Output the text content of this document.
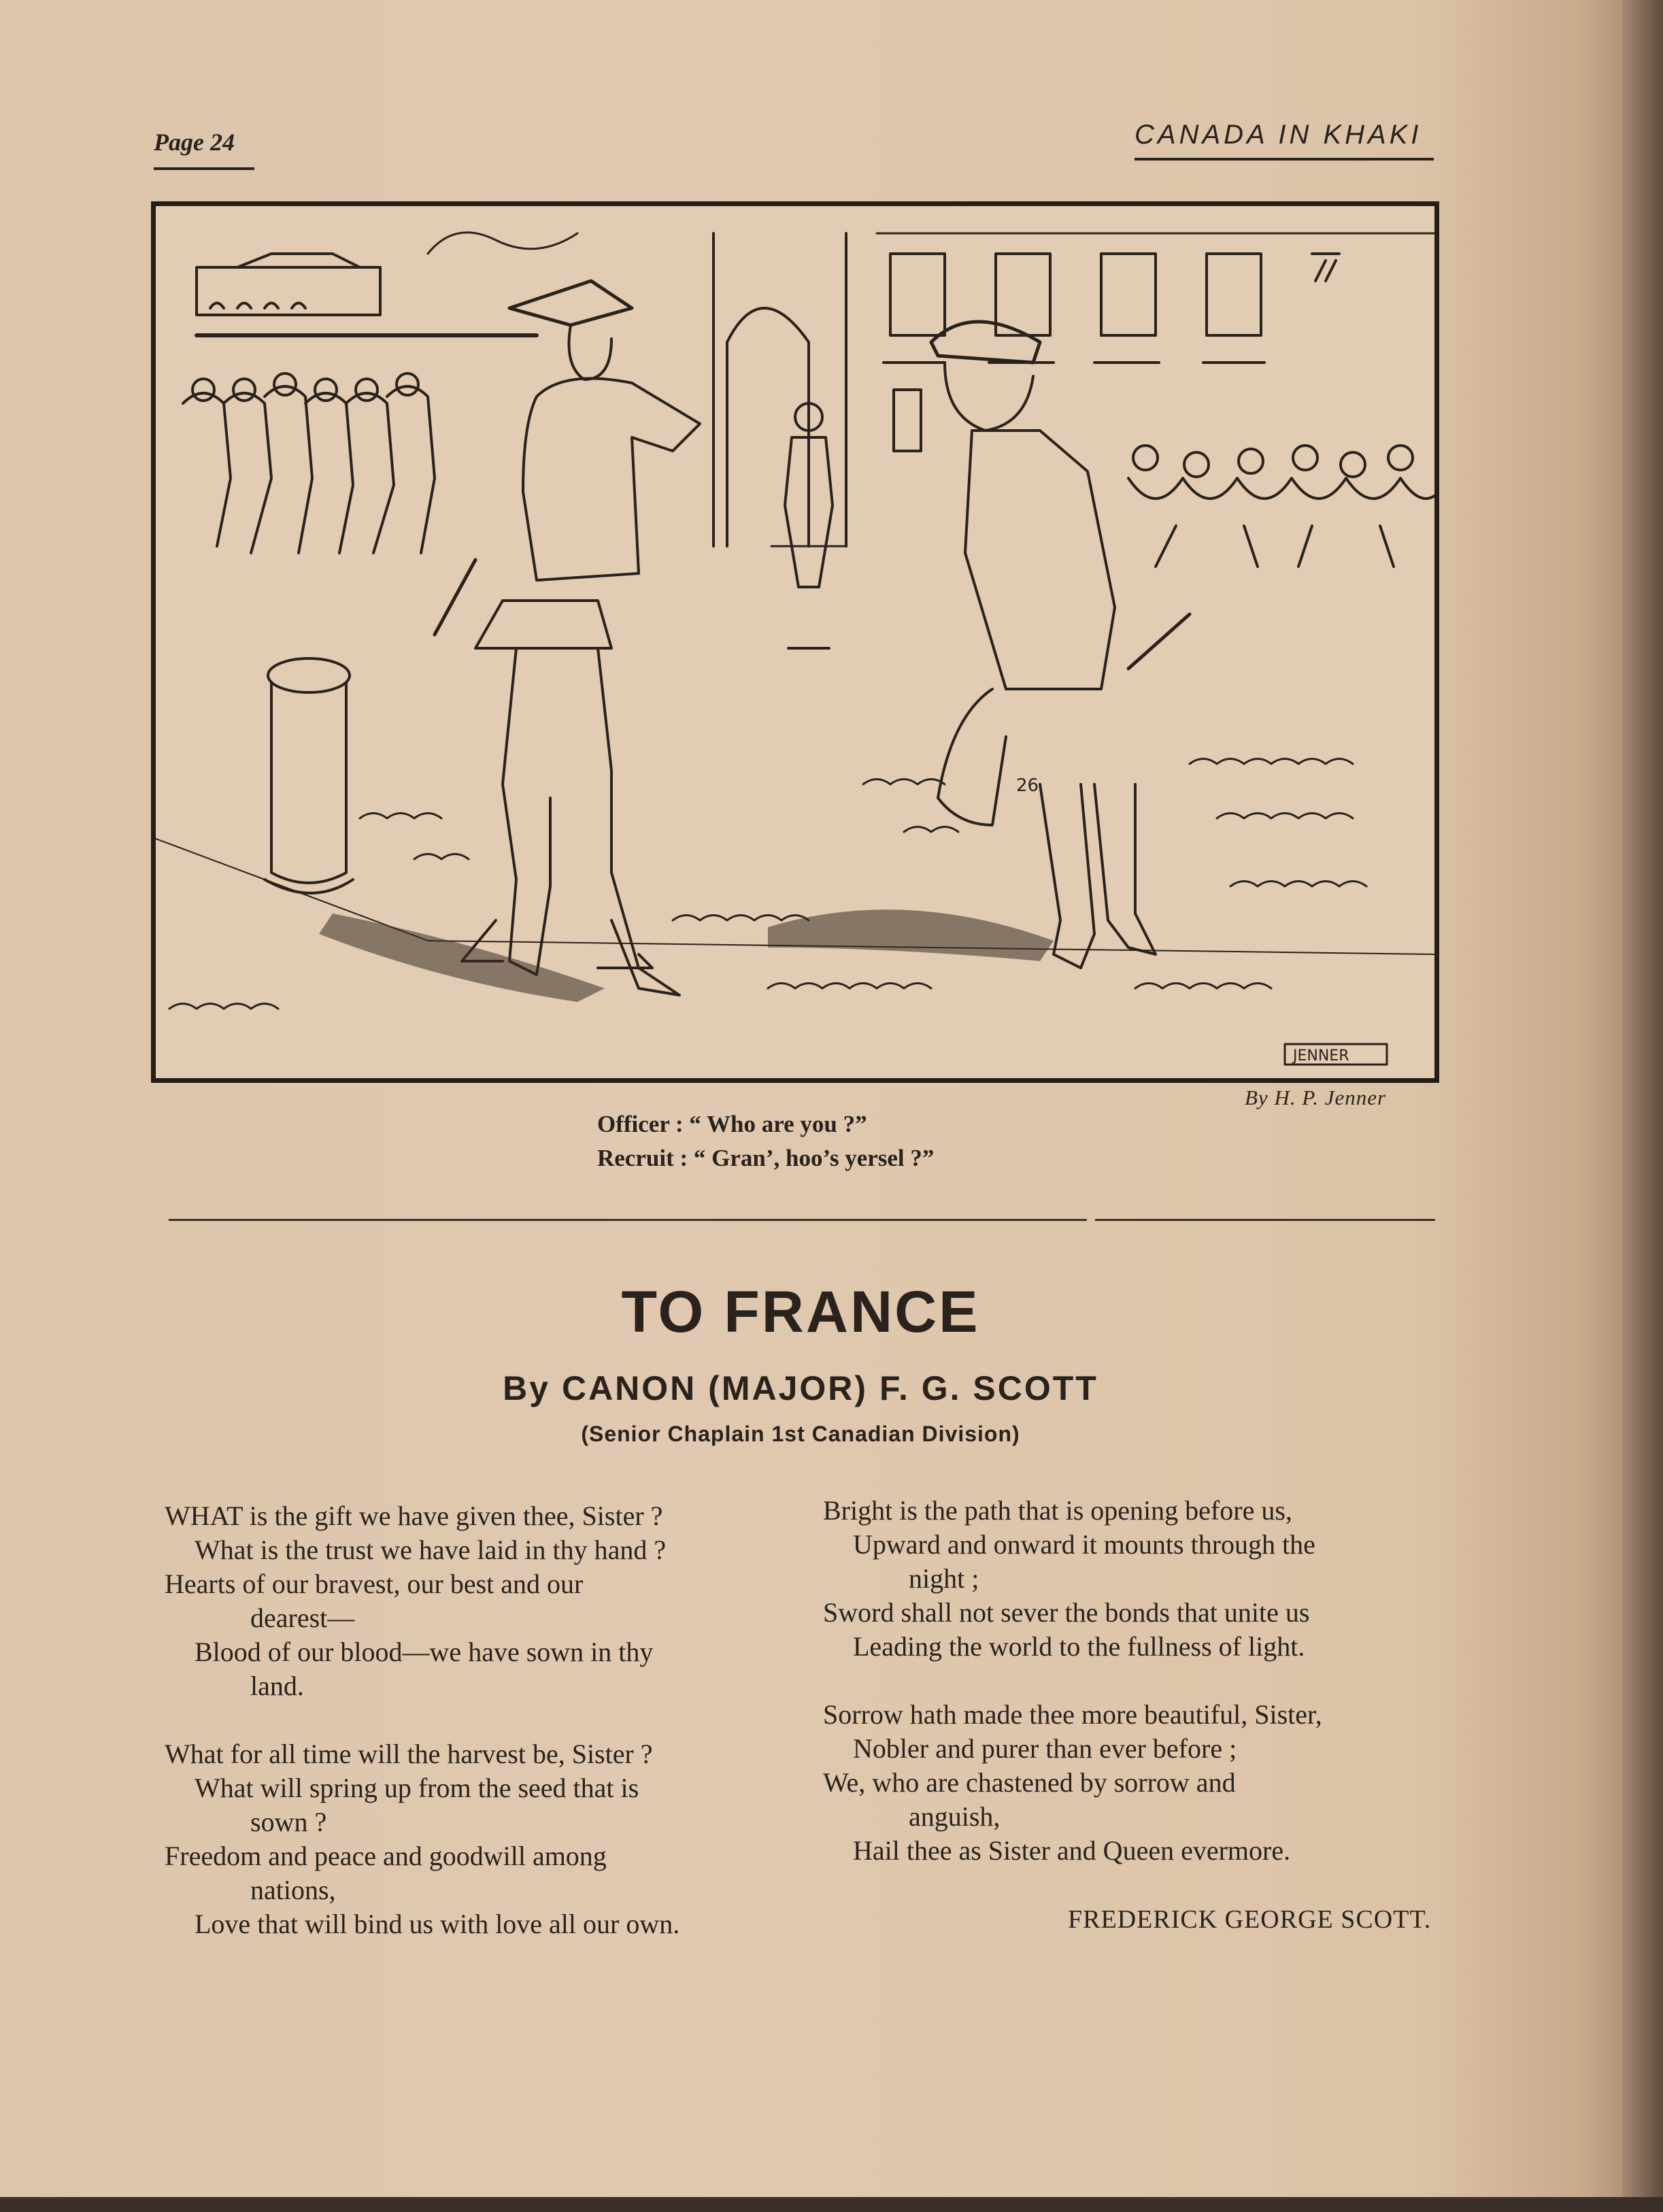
Page 24	CANADA IN KHAKI
26
JENNER
By H. P. Jenner
Officer : “ Who are you ?”
Recruit : “ Gran’, hoo’s yersel ?”
TO FRANCE
By CANON (MAJOR) F. G. SCOTT
(Senior Chaplain 1st Canadian Division)
WHAT is the gift we have given thee, Sister ?
What is the trust we have laid in thy hand ?
Hearts of our bravest, our best and our
dearest—
Blood of our blood—we have sown in thy
land.
What for all time will the harvest be, Sister ?
What will spring up from the seed that is
sown ?
Freedom and peace and goodwill among
nations,
Love that will bind us with love all our own.
Bright is the path that is opening before us,
Upward and onward it mounts through the
night ;
Sword shall not sever the bonds that unite us
Leading the world to the fullness of light.
Sorrow hath made thee more beautiful, Sister,
Nobler and purer than ever before ;
We, who are chastened by sorrow and
anguish,
Hail thee as Sister and Queen evermore.
FREDERICK GEORGE SCOTT.
